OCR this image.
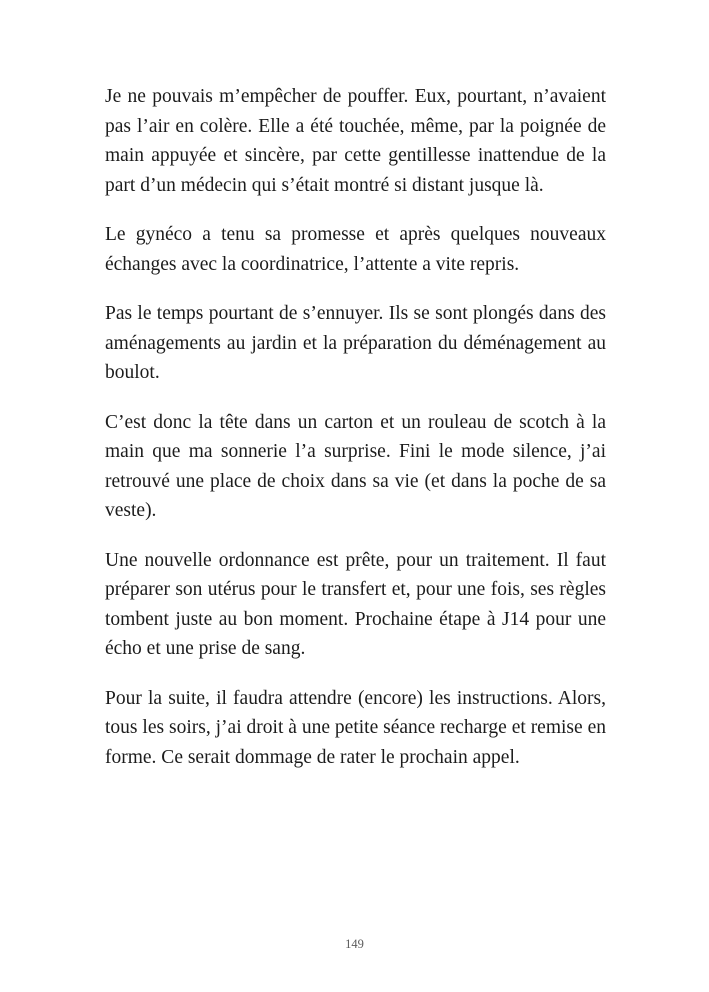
Je ne pouvais m’empêcher de pouffer. Eux, pourtant, n’avaient pas l’air en colère. Elle a été touchée, même, par la poignée de main appuyée et sincère, par cette gentillesse inattendue de la part d’un médecin qui s’était montré si distant jusque là.

Le gynéco a tenu sa promesse et après quelques nouveaux échanges avec la coordinatrice, l’attente a vite repris.

Pas le temps pourtant de s’ennuyer. Ils se sont plongés dans des aménagements au jardin et la préparation du déménagement au boulot.

C’est donc la tête dans un carton et un rouleau de scotch à la main que ma sonnerie l’a surprise. Fini le mode silence, j’ai retrouvé une place de choix dans sa vie (et dans la poche de sa veste).

Une nouvelle ordonnance est prête, pour un traitement. Il faut préparer son utérus pour le transfert et, pour une fois, ses règles tombent juste au bon moment. Prochaine étape à J14 pour une écho et une prise de sang.

Pour la suite, il faudra attendre (encore) les instructions. Alors, tous les soirs, j’ai droit à une petite séance recharge et remise en forme. Ce serait dommage de rater le prochain appel.

149
